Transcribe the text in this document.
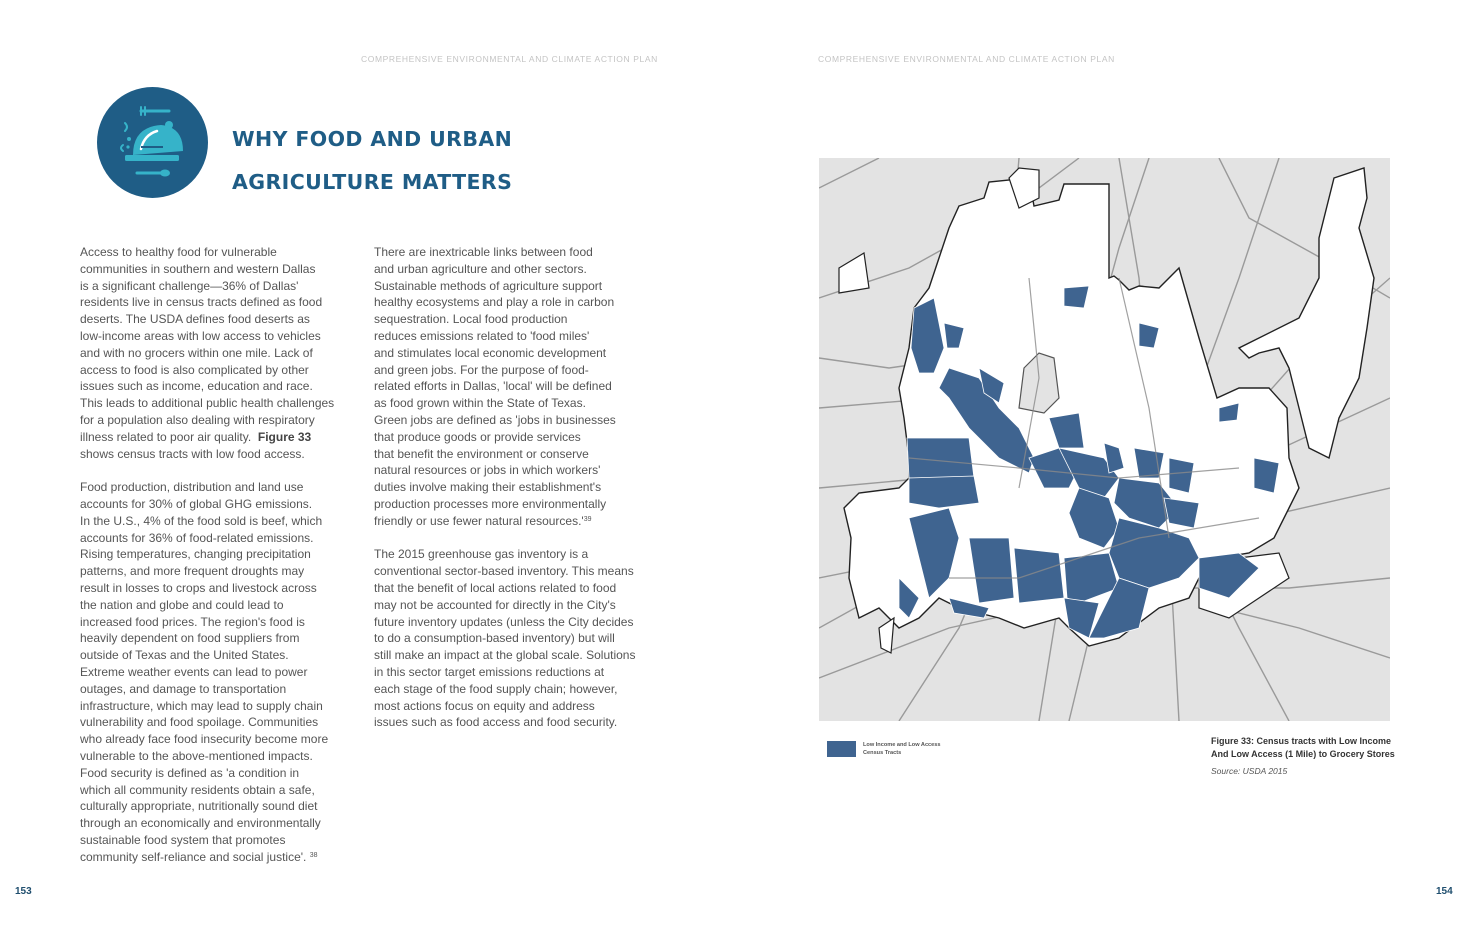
COMPREHENSIVE ENVIRONMENTAL AND CLIMATE ACTION PLAN	COMPREHENSIVE ENVIRONMENTAL AND CLIMATE ACTION PLAN
WHY FOOD AND URBAN
AGRICULTURE MATTERS

Access to healthy food for vulnerable
communities in southern and western Dallas
is a significant challenge—36% of Dallas'
residents live in census tracts defined as food
deserts. The USDA defines food deserts as
low-income areas with low access to vehicles
and with no grocers within one mile. Lack of
access to food is also complicated by other
issues such as income, education and race.
This leads to additional public health challenges
for a population also dealing with respiratory
illness related to poor air quality.  Figure 33
shows census tracts with low food access.

Food production, distribution and land use
accounts for 30% of global GHG emissions.
In the U.S., 4% of the food sold is beef, which
accounts for 36% of food-related emissions.
Rising temperatures, changing precipitation
patterns, and more frequent droughts may
result in losses to crops and livestock across
the nation and globe and could lead to
increased food prices. The region's food is
heavily dependent on food suppliers from
outside of Texas and the United States.
Extreme weather events can lead to power
outages, and damage to transportation
infrastructure, which may lead to supply chain
vulnerability and food spoilage. Communities
who already face food insecurity become more
vulnerable to the above-mentioned impacts.
Food security is defined as 'a condition in
which all community residents obtain a safe,
culturally appropriate, nutritionally sound diet
through an economically and environmentally
sustainable food system that promotes
community self-reliance and social justice'. $^{38}$

There are inextricable links between food
and urban agriculture and other sectors.
Sustainable methods of agriculture support
healthy ecosystems and play a role in carbon
sequestration. Local food production
reduces emissions related to 'food miles'
and stimulates local economic development
and green jobs. For the purpose of food-
related efforts in Dallas, 'local' will be defined
as food grown within the State of Texas.
Green jobs are defined as 'jobs in businesses
that produce goods or provide services
that benefit the environment or conserve
natural resources or jobs in which workers'
duties involve making their establishment's
production processes more environmentally
friendly or use fewer natural $resources.'^{39}$

The 2015 greenhouse gas inventory is a
conventional sector-based inventory. This means
that the benefit of local actions related to food
may not be accounted for directly in the City's
future inventory updates (unless the City decides
to do a consumption-based inventory) but will
still make an impact at the global scale. Solutions
in this sector target emissions reductions at
each stage of the food supply chain; however,
most actions focus on equity and address
issues such as food access and food security.

Low Income and Low Access
Census Tracts
Figure 33: Census tracts with Low Income
And Low Access (1 Mile) to Grocery Stores
Source: USDA 2015
153	154
